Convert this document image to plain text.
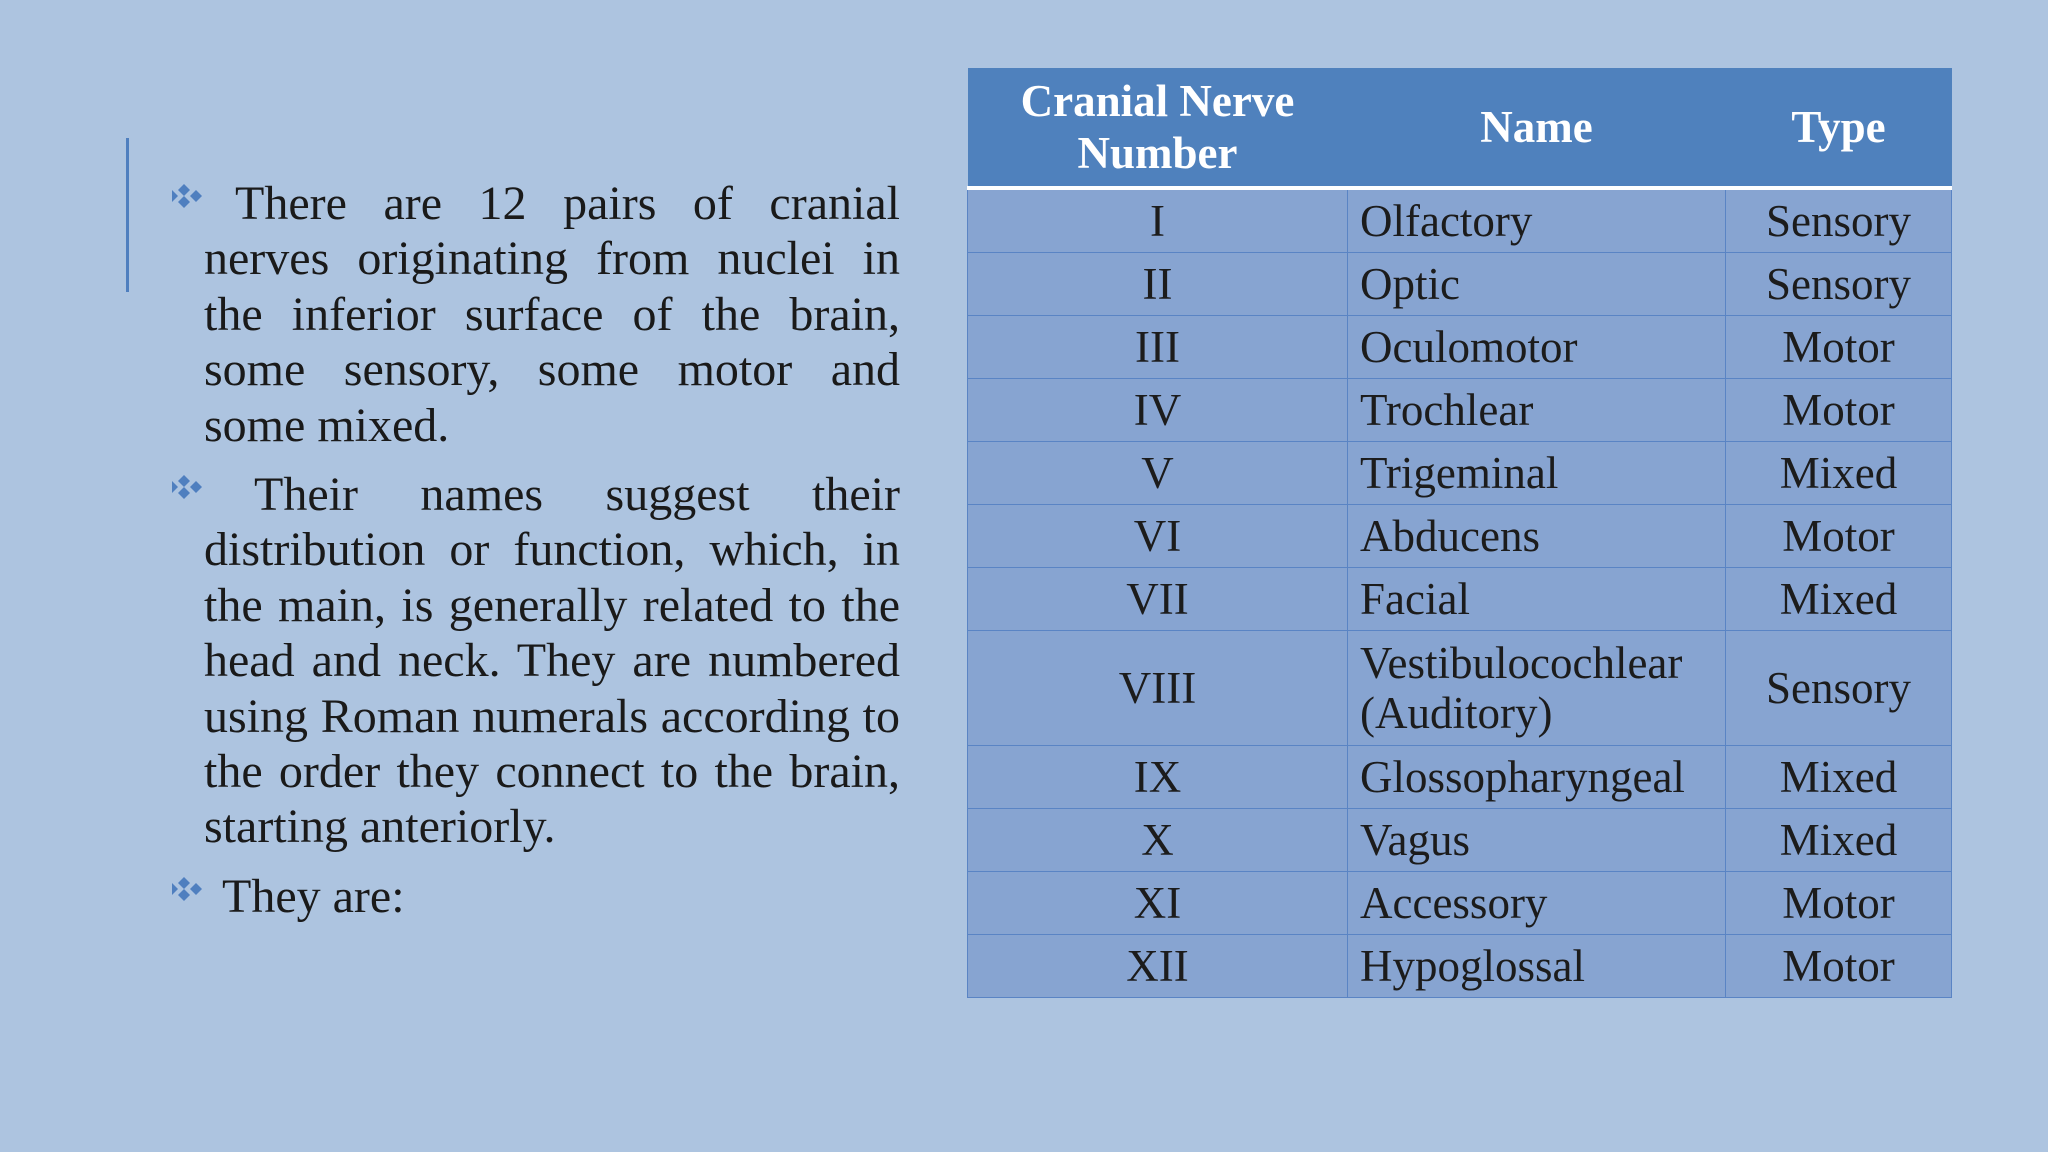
There are 12 pairs of cranial nerves originating from nuclei in the inferior surface of the brain, some sensory, some motor and some mixed.

Their names suggest their distribution or function, which, in the main, is generally related to the head and neck. They are numbered using Roman numerals according to the order they connect to the brain, starting anteriorly.

They are:

Cranial Nerve Number	Name	Type
I	Olfactory	Sensory
II	Optic	Sensory
III	Oculomotor	Motor
IV	Trochlear	Motor
V	Trigeminal	Mixed
VI	Abducens	Motor
VII	Facial	Mixed
VIII	Vestibulocochlear (Auditory)	Sensory
IX	Glossopharyngeal	Mixed
X	Vagus	Mixed
XI	Accessory	Motor
XII	Hypoglossal	Motor
